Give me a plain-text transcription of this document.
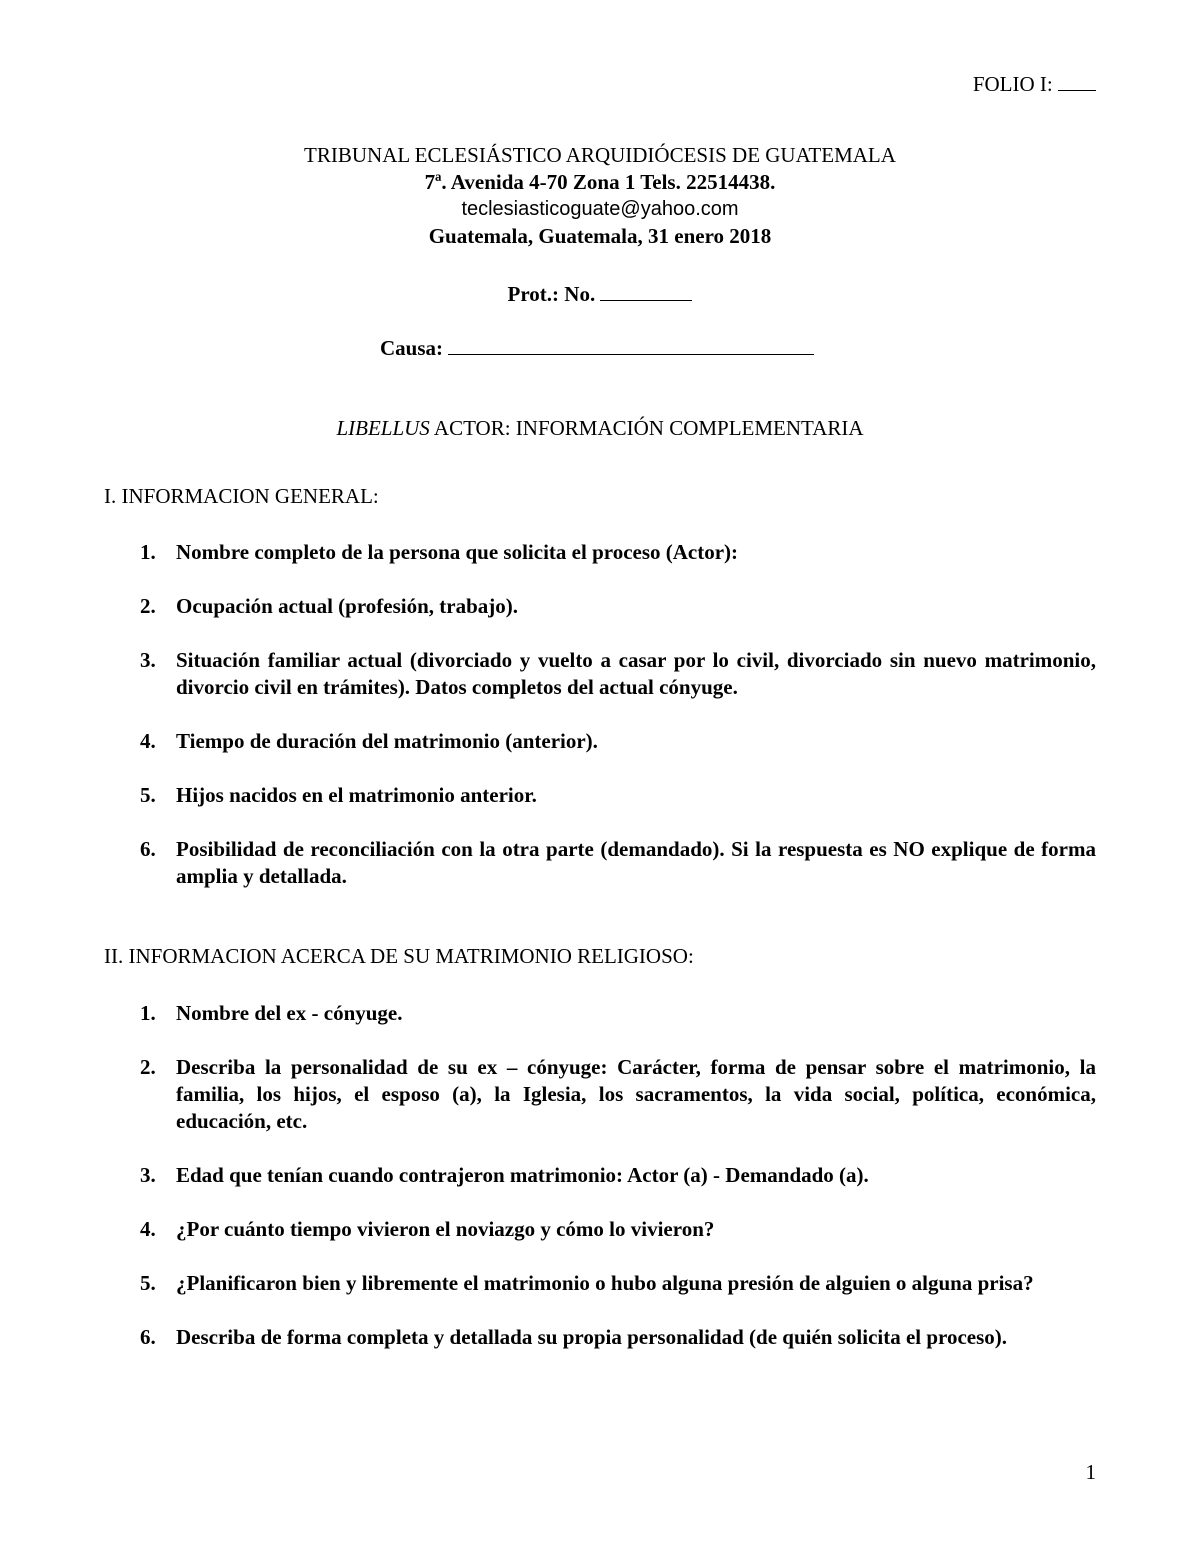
FOLIO I:
TRIBUNAL ECLESIÁSTICO ARQUIDIÓCESIS DE GUATEMALA
7ª. Avenida 4-70 Zona 1 Tels. 22514438.
teclesiasticoguate@yahoo.com
Guatemala, Guatemala, 31 enero 2018
Prot.: No.
Causa:
LIBELLUS ACTOR: INFORMACIÓN COMPLEMENTARIA
I. INFORMACION GENERAL:
1. Nombre completo de la persona que solicita el proceso (Actor):
2. Ocupación actual (profesión, trabajo).
3. Situación familiar actual (divorciado y vuelto a casar por lo civil, divorciado sin nuevo matrimonio, divorcio civil en trámites). Datos completos del actual cónyuge.
4. Tiempo de duración del matrimonio (anterior).
5. Hijos nacidos en el matrimonio anterior.
6. Posibilidad de reconciliación con la otra parte (demandado). Si la respuesta es NO explique de forma amplia y detallada.
II. INFORMACION ACERCA DE SU MATRIMONIO RELIGIOSO:
1. Nombre del ex - cónyuge.
2. Describa la personalidad de su ex – cónyuge: Carácter, forma de pensar sobre el matrimonio, la familia, los hijos, el esposo (a), la Iglesia, los sacramentos, la vida social, política, económica, educación, etc.
3. Edad que tenían cuando contrajeron matrimonio: Actor (a) - Demandado (a).
4. ¿Por cuánto tiempo vivieron el noviazgo y cómo lo vivieron?
5. ¿Planificaron bien y libremente el matrimonio o hubo alguna presión de alguien o alguna prisa?
6. Describa de forma completa y detallada su propia personalidad (de quién solicita el proceso).
1
